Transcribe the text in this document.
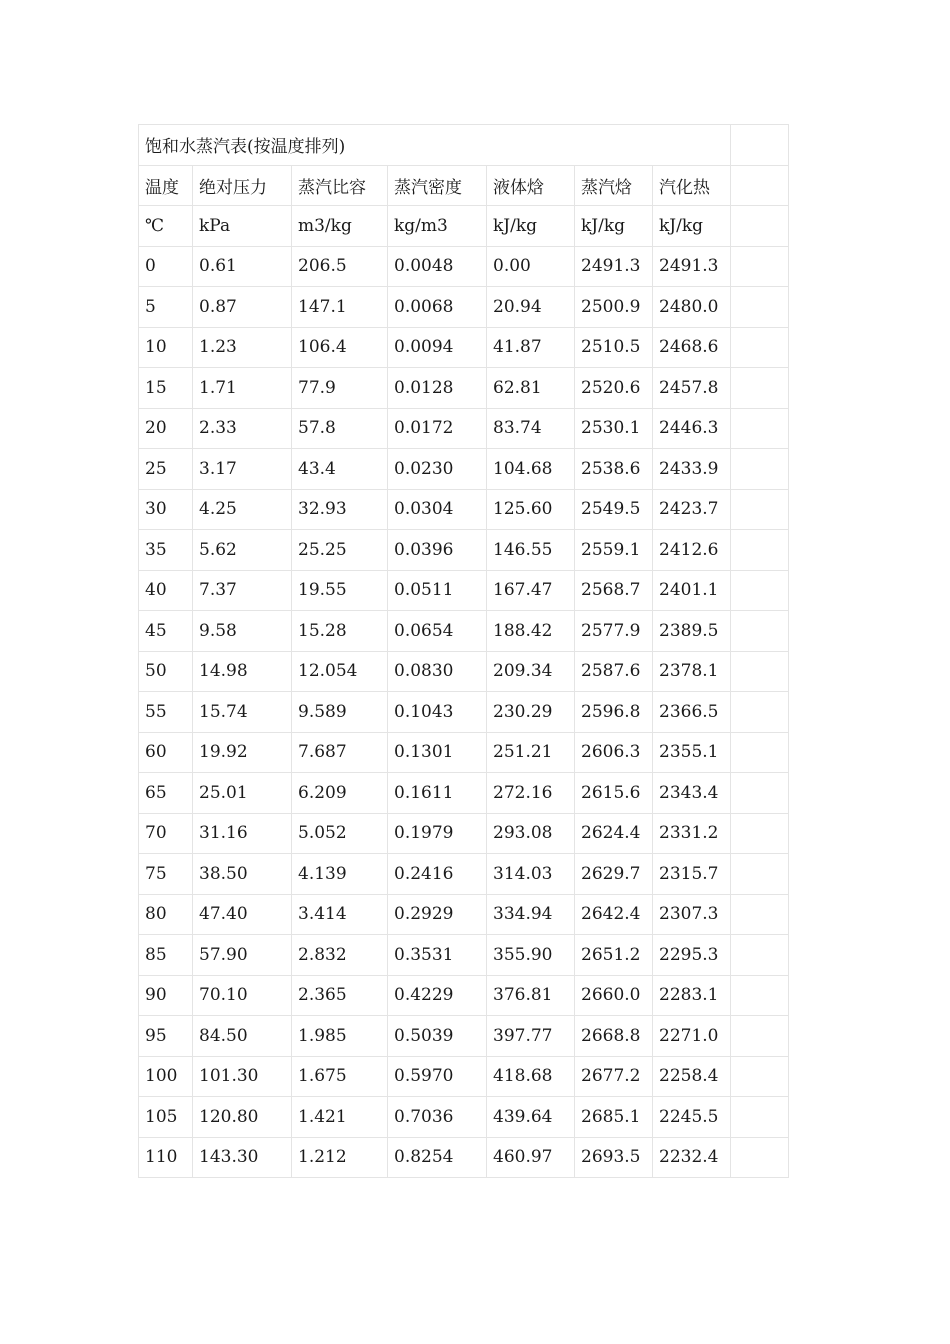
饱和水蒸汽表(按温度排列)							
温度	绝对压力	蒸汽比容	蒸汽密度	液体焓	蒸汽焓	汽化热	
℃	kPa	m3/kg	kg/m3	kJ/kg	kJ/kg	kJ/kg	
0	0.61	206.5	0.0048	0.00	2491.3	2491.3	
5	0.87	147.1	0.0068	20.94	2500.9	2480.0	
10	1.23	106.4	0.0094	41.87	2510.5	2468.6	
15	1.71	77.9	0.0128	62.81	2520.6	2457.8	
20	2.33	57.8	0.0172	83.74	2530.1	2446.3	
25	3.17	43.4	0.0230	104.68	2538.6	2433.9	
30	4.25	32.93	0.0304	125.60	2549.5	2423.7	
35	5.62	25.25	0.0396	146.55	2559.1	2412.6	
40	7.37	19.55	0.0511	167.47	2568.7	2401.1	
45	9.58	15.28	0.0654	188.42	2577.9	2389.5	
50	14.98	12.054	0.0830	209.34	2587.6	2378.1	
55	15.74	9.589	0.1043	230.29	2596.8	2366.5	
60	19.92	7.687	0.1301	251.21	2606.3	2355.1	
65	25.01	6.209	0.1611	272.16	2615.6	2343.4	
70	31.16	5.052	0.1979	293.08	2624.4	2331.2	
75	38.50	4.139	0.2416	314.03	2629.7	2315.7	
80	47.40	3.414	0.2929	334.94	2642.4	2307.3	
85	57.90	2.832	0.3531	355.90	2651.2	2295.3	
90	70.10	2.365	0.4229	376.81	2660.0	2283.1	
95	84.50	1.985	0.5039	397.77	2668.8	2271.0	
100	101.30	1.675	0.5970	418.68	2677.2	2258.4	
105	120.80	1.421	0.7036	439.64	2685.1	2245.5	
110	143.30	1.212	0.8254	460.97	2693.5	2232.4	
